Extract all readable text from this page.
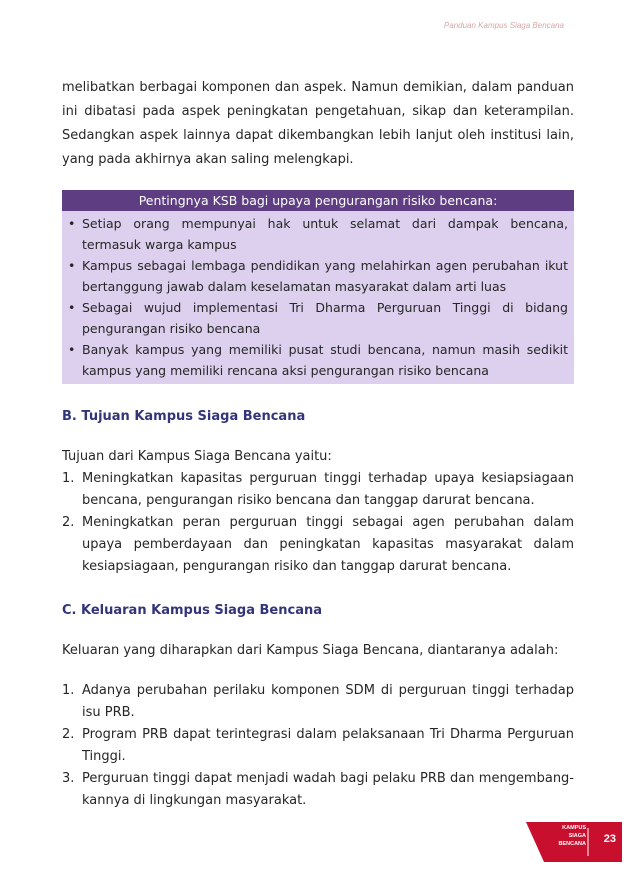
Panduan Kampus Siaga Bencana

melibatkan berbagai komponen dan aspek. Namun demikian, dalam panduan ini dibatasi pada aspek peningkatan pengetahuan, sikap dan keterampilan. Sedangkan aspek lainnya dapat dikembangkan lebih lanjut oleh institusi lain, yang pada akhirnya akan saling melengkapi.

Pentingnya KSB bagi upaya pengurangan risiko bencana:
• Setiap orang mempunyai hak untuk selamat dari dampak bencana, termasuk warga kampus
• Kampus sebagai lembaga pendidikan yang melahirkan agen perubahan ikut bertanggung jawab dalam keselamatan masyarakat dalam arti luas
• Sebagai wujud implementasi Tri Dharma Perguruan Tinggi di bidang pengurangan risiko bencana
• Banyak kampus yang memiliki pusat studi bencana, namun masih sedikit kampus yang memiliki rencana aksi pengurangan risiko bencana
B. Tujuan Kampus Siaga Bencana

Tujuan dari Kampus Siaga Bencana yaitu:

1. Meningkatkan kapasitas perguruan tinggi terhadap upaya kesiapsiagaan bencana, pengurangan risiko bencana dan tanggap darurat bencana.
2. Meningkatkan peran perguruan tinggi sebagai agen perubahan dalam upaya pemberdayaan dan peningkatan kapasitas masyarakat dalam kesiapsiagaan, pengurangan risiko dan tanggap darurat bencana.
C. Keluaran Kampus Siaga Bencana

Keluaran yang diharapkan dari Kampus Siaga Bencana, diantaranya adalah:

1. Adanya perubahan perilaku komponen SDM di perguruan tinggi terhadap isu PRB.
2. Program PRB dapat terintegrasi dalam pelaksanaan Tri Dharma Perguruan Tinggi.
3. Perguruan tinggi dapat menjadi wadah bagi pelaku PRB dan mengembang-kannya di lingkungan masyarakat.
KAMPUS
SIAGA
BENCANA 23
